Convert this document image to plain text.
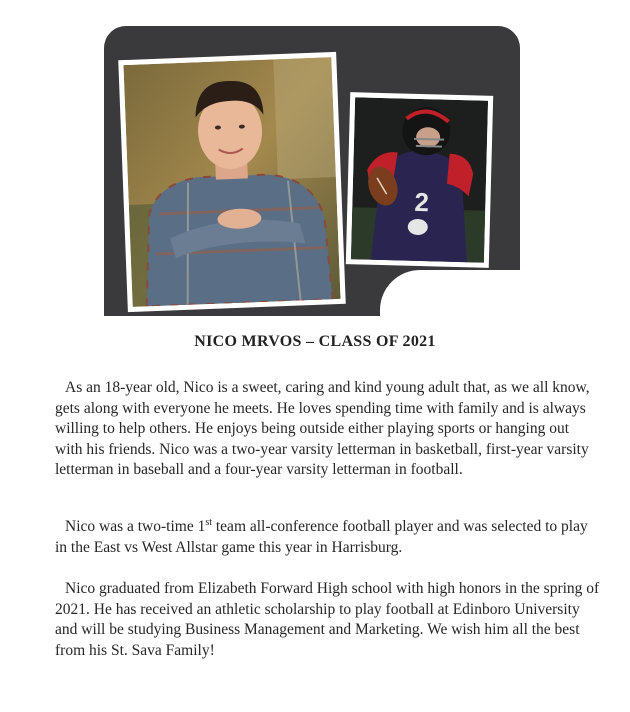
2
NICO MRVOS – CLASS OF 2021

As an 18-year old, Nico is a sweet, caring and kind young adult that, as we all know, gets along with everyone he meets. He loves spending time with family and is always willing to help others. He enjoys being outside either playing sports or hanging out with his friends. Nico was a two-year varsity letterman in basketball, first-year varsity letterman in baseball and a four-year varsity letterman in football.

Nico was a two-time 1st team all-conference football player and was selected to play in the East vs West Allstar game this year in Harrisburg.

Nico graduated from Elizabeth Forward High school with high honors in the spring of 2021. He has received an athletic scholarship to play football at Edinboro University and will be studying Business Management and Marketing. We wish him all the best from his St. Sava Family!
